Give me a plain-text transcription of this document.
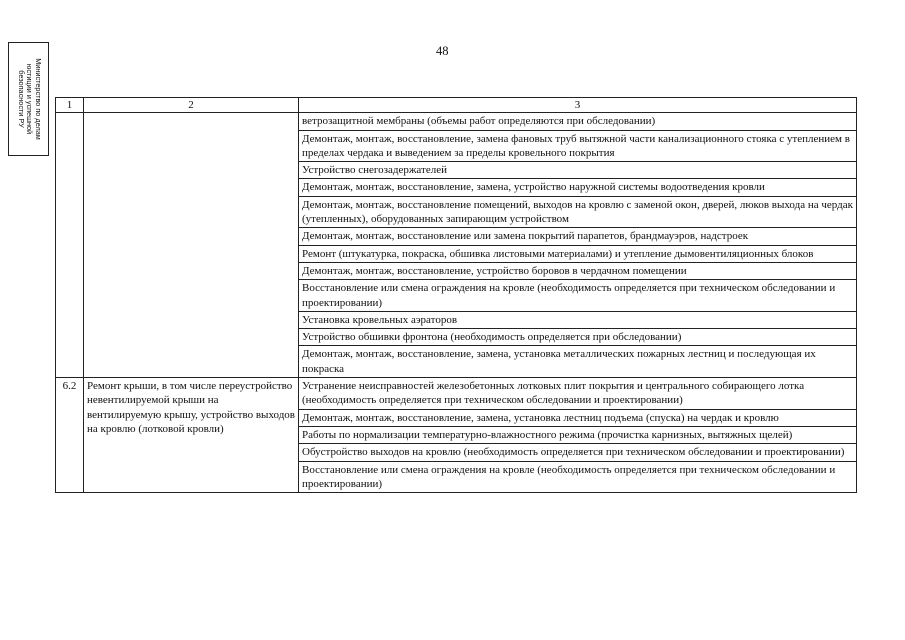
Министерство по делам
юстиции и успешной
безопасности РУ
48
1	2	3
		ветрозащитной мембраны (объемы работ определяются при обследовании)
		Демонтаж, монтаж, восстановление, замена фановых труб вытяжной части канализационного стояка с утеплением в пределах чердака и выведением за пределы кровельного покрытия
		Устройство снегозадержателей
		Демонтаж, монтаж, восстановление, замена, устройство наружной системы водоотведения кровли
		Демонтаж, монтаж, восстановление помещений, выходов на кровлю с заменой окон, дверей, люков выхода на чердак (утепленных), оборудованных запирающим устройством
		Демонтаж, монтаж, восстановление или замена покрытий парапетов, брандмауэров, надстроек
		Ремонт (штукатурка, покраска, обшивка листовыми материалами) и утепление дымовентиляционных блоков
		Демонтаж, монтаж, восстановление, устройство боровов в чердачном помещении
		Восстановление или смена ограждения на кровле (необходимость определяется при техническом обследовании и проектировании)
		Установка кровельных аэраторов
		Устройство обшивки фронтона (необходимость определяется при обследовании)
		Демонтаж, монтаж, восстановление, замена, установка металлических пожарных лестниц и последующая их покраска
6.2	Ремонт крыши, в том числе переустройство невентилируемой крыши на вентилируемую крышу, устройство выходов на кровлю (лотковой кровли)	Устранение неисправностей железобетонных лотковых плит покрытия и центрального собирающего лотка (необходимость определяется при техническом обследовании и проектировании)
		Демонтаж, монтаж, восстановление, замена, установка лестниц подъема (спуска) на чердак и кровлю
		Работы по нормализации температурно-влажностного режима (прочистка карнизных, вытяжных щелей)
		Обустройство выходов на кровлю (необходимость определяется при техническом обследовании и проектировании)
		Восстановление или смена ограждения на кровле (необходимость определяется при техническом обследовании и проектировании)
